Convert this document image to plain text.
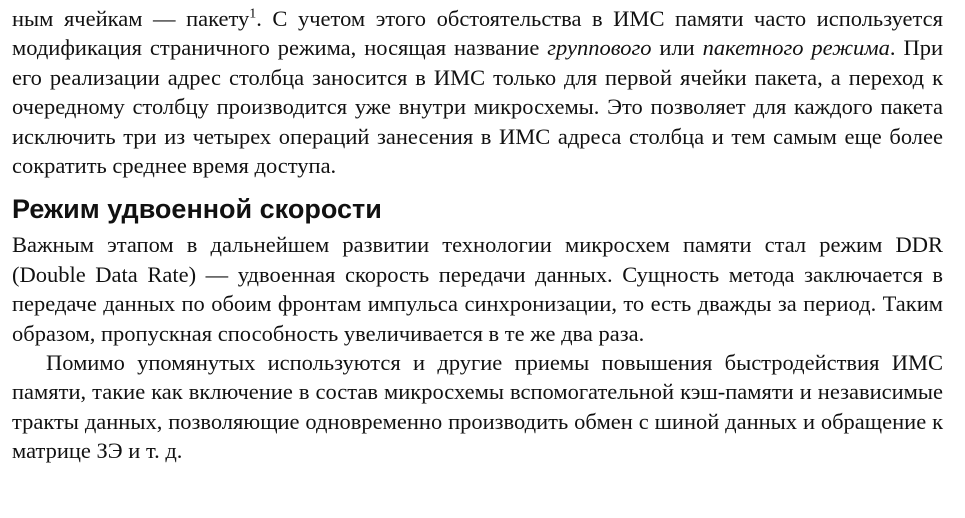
ным ячейкам — пакету$^1$. С учетом этого обстоятельства в ИМС памяти часто используется модификация страничного режима, носящая название группового или пакетного режима. При его реализации адрес столбца заносится в ИМС только для первой ячейки пакета, а переход к очередному столбцу производится уже внутри микросхемы. Это позволяет для каждого пакета исключить три из четырех операций занесения в ИМС адреса столбца и тем самым еще более сократить среднее время доступа.

Режим удвоенной скорости

Важным этапом в дальнейшем развитии технологии микросхем памяти стал режим DDR (Double Data Rate) — удвоенная скорость передачи данных. Сущность метода заключается в передаче данных по обоим фронтам импульса синхронизации, то есть дважды за период. Таким образом, пропускная способность увеличивается в те же два раза.

Помимо упомянутых используются и другие приемы повышения быстродействия ИМС памяти, такие как включение в состав микросхемы вспомогательной кэш-памяти и независимые тракты данных, позволяющие одновременно производить обмен с шиной данных и обращение к матрице ЗЭ и т. д.
